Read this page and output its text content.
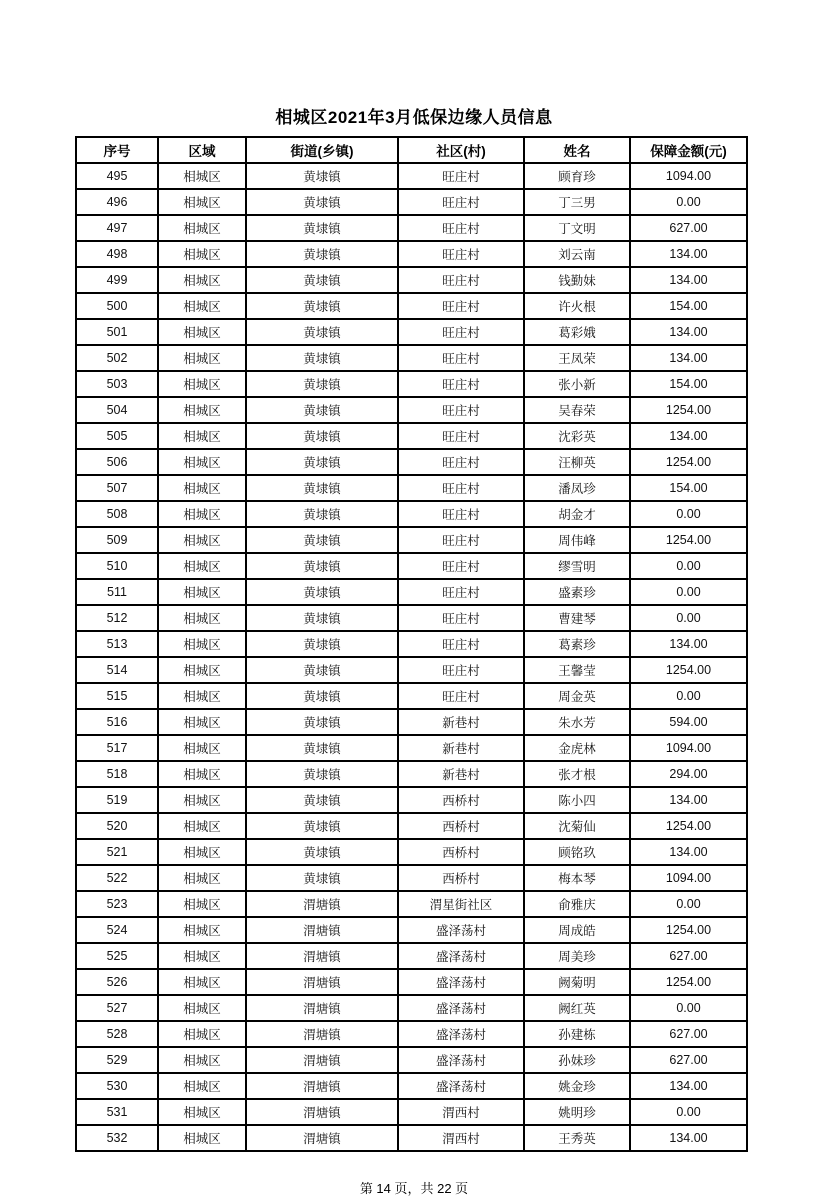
相城区2021年3月低保边缘人员信息
序号	区域	街道(乡镇)	社区(村)	姓名	保障金额(元)
495	相城区	黄埭镇	旺庄村	顾育珍	1094.00
496	相城区	黄埭镇	旺庄村	丁三男	0.00
497	相城区	黄埭镇	旺庄村	丁文明	627.00
498	相城区	黄埭镇	旺庄村	刘云南	134.00
499	相城区	黄埭镇	旺庄村	钱勤妹	134.00
500	相城区	黄埭镇	旺庄村	许火根	154.00
501	相城区	黄埭镇	旺庄村	葛彩娥	134.00
502	相城区	黄埭镇	旺庄村	王凤荣	134.00
503	相城区	黄埭镇	旺庄村	张小新	154.00
504	相城区	黄埭镇	旺庄村	吴春荣	1254.00
505	相城区	黄埭镇	旺庄村	沈彩英	134.00
506	相城区	黄埭镇	旺庄村	汪柳英	1254.00
507	相城区	黄埭镇	旺庄村	潘凤珍	154.00
508	相城区	黄埭镇	旺庄村	胡金才	0.00
509	相城区	黄埭镇	旺庄村	周伟峰	1254.00
510	相城区	黄埭镇	旺庄村	缪雪明	0.00
511	相城区	黄埭镇	旺庄村	盛素珍	0.00
512	相城区	黄埭镇	旺庄村	曹建琴	0.00
513	相城区	黄埭镇	旺庄村	葛素珍	134.00
514	相城区	黄埭镇	旺庄村	王馨莹	1254.00
515	相城区	黄埭镇	旺庄村	周金英	0.00
516	相城区	黄埭镇	新巷村	朱水芳	594.00
517	相城区	黄埭镇	新巷村	金虎林	1094.00
518	相城区	黄埭镇	新巷村	张才根	294.00
519	相城区	黄埭镇	西桥村	陈小四	134.00
520	相城区	黄埭镇	西桥村	沈菊仙	1254.00
521	相城区	黄埭镇	西桥村	顾铭玖	134.00
522	相城区	黄埭镇	西桥村	梅本琴	1094.00
523	相城区	渭塘镇	渭星街社区	俞雅庆	0.00
524	相城区	渭塘镇	盛泽荡村	周成皓	1254.00
525	相城区	渭塘镇	盛泽荡村	周美珍	627.00
526	相城区	渭塘镇	盛泽荡村	阙菊明	1254.00
527	相城区	渭塘镇	盛泽荡村	阙红英	0.00
528	相城区	渭塘镇	盛泽荡村	孙建栋	627.00
529	相城区	渭塘镇	盛泽荡村	孙妹珍	627.00
530	相城区	渭塘镇	盛泽荡村	姚金珍	134.00
531	相城区	渭塘镇	渭西村	姚明珍	0.00
532	相城区	渭塘镇	渭西村	王秀英	134.00
第 14 页，共 22 页
